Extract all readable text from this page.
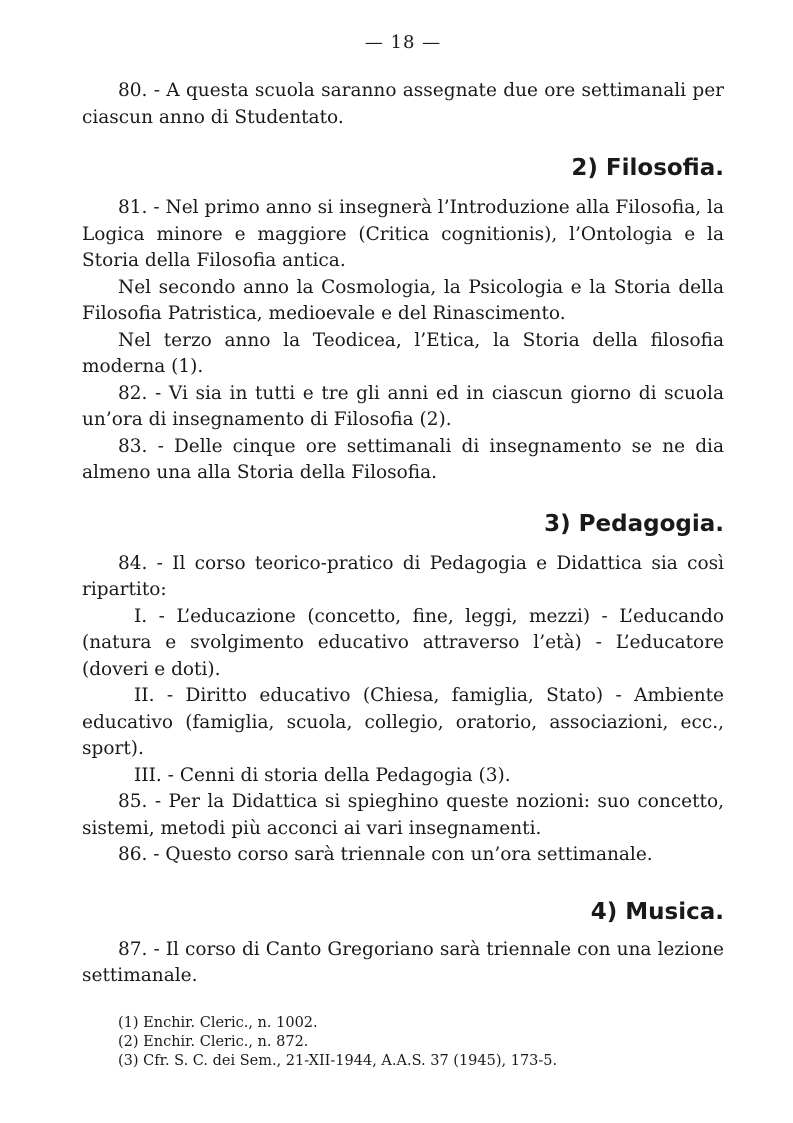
— 18 —

80. - A questa scuola saranno assegnate due ore settimanali per ciascun anno di Studentato.

2) Filosofia.

81. - Nel primo anno si insegnerà l’Introduzione alla Filosofia, la Logica minore e maggiore (Critica cognitionis), l’Ontologia e la Storia della Filosofia antica.

Nel secondo anno la Cosmologia, la Psicologia e la Storia della Filosofia Patristica, medioevale e del Rinascimento.

Nel terzo anno la Teodicea, l’Etica, la Storia della filosofia moderna (1).

82. - Vi sia in tutti e tre gli anni ed in ciascun giorno di scuola un’ora di insegnamento di Filosofia (2).

83. - Delle cinque ore settimanali di insegnamento se ne dia almeno una alla Storia della Filosofia.

3) Pedagogia.

84. - Il corso teorico-pratico di Pedagogia e Didattica sia così ripartito:

I. - L’educazione (concetto, fine, leggi, mezzi) - L’educando (natura e svolgimento educativo attraverso l’età) - L’educatore (doveri e doti).

II. - Diritto educativo (Chiesa, famiglia, Stato) - Ambiente educativo (famiglia, scuola, collegio, oratorio, associazioni, ecc., sport).

III. - Cenni di storia della Pedagogia (3).

85. - Per la Didattica si spieghino queste nozioni: suo concetto, sistemi, metodi più acconci ai vari insegnamenti.

86. - Questo corso sarà triennale con un’ora settimanale.

4) Musica.

87. - Il corso di Canto Gregoriano sarà triennale con una lezione settimanale.

(1) Enchir. Cleric., n. 1002.

(2) Enchir. Cleric., n. 872.

(3) Cfr. S. C. dei Sem., 21-XII-1944, A.A.S. 37 (1945), 173-5.
